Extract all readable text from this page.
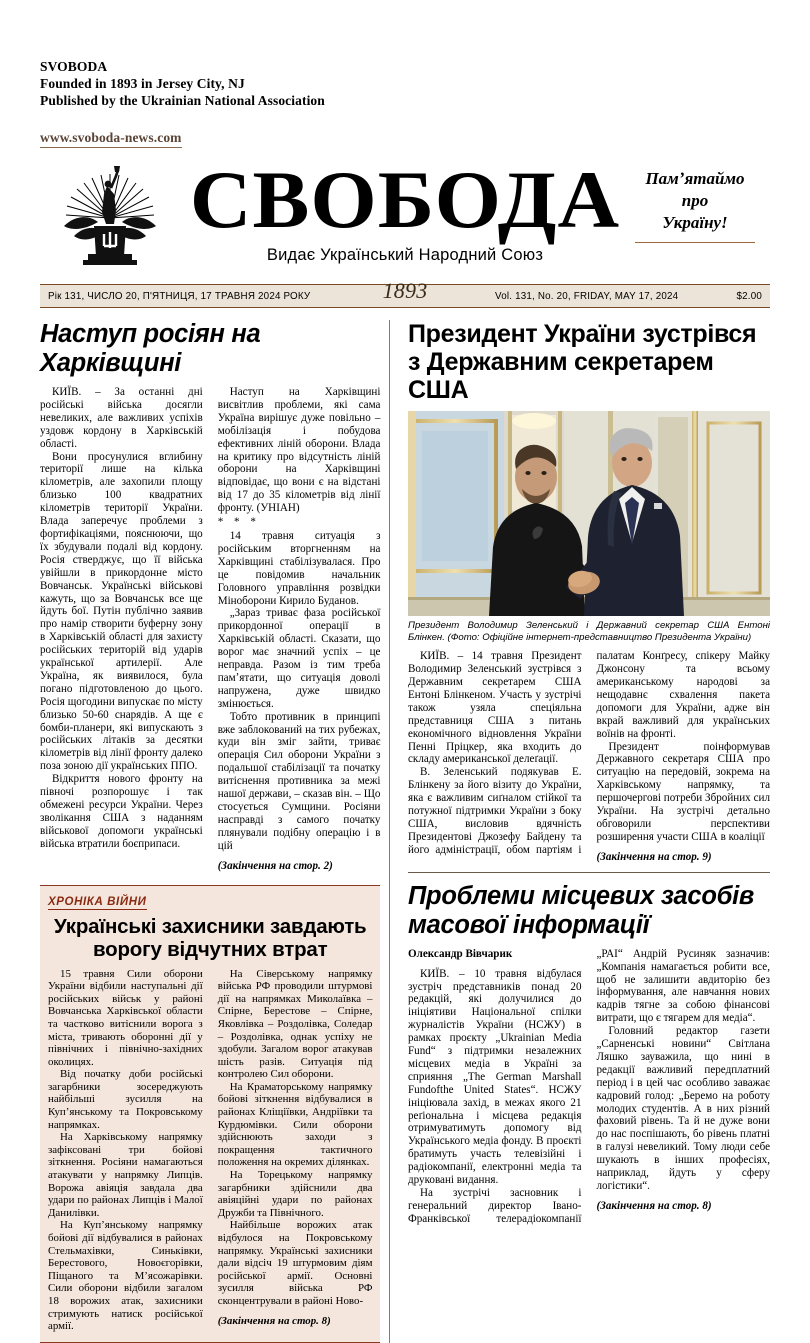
SVOBODA
Founded in 1893 in Jersey City, NJ
Published by the Ukrainian National Association
www.svoboda-news.com
СВОБОДА
Видає Український Народний Союз
Памʼятаймо
про
Україну!
Рік 131, ЧИСЛО 20, П'ЯТНИЦЯ, 17 ТРАВНЯ 2024 РОКУ	1893	Vol. 131, No. 20, FRIDAY, MAY 17, 2024	$2.00
Наступ росіян на Харківщині

КИЇВ. – За останні дні російські війська досягли невеликих, але важливих успіхів уздовж кордону в Харківській області.

Вони просунулися вглибину території лише на кілька кілометрів, але захопили площу близько 100 квадратних кілометрів території України. Влада заперечує проблеми з фортифікаціями, пояснюючи, що їх збудували подалі від кордону. Росія стверджує, що її війська увійшли в прикордонне місто Вовчанськ. Українські військові кажуть, що за Вовчанськ все ще йдуть бої. Путін публічно заявив про намір створити буферну зону в Харківській області для захисту російських територій від ударів української артилерії. Але Україна, як виявилося, була погано підготовленою до цього. Росія щогодини випускає по місту близько 50-60 снарядів. А ще є бомби-планери, які випускають з російських літаків за десятки кілометрів від лінії фронту далеко поза зоною дії українських ППО.

Відкриття нового фронту на півночі розпорошує і так обмежені ресурси України. Через зволікання США з наданням військової допомоги українські війська втратили боєприпаси.

Наступ на Харківщині висвітлив проблеми, які сама Україна вирішує дуже повільно – мобілізація і побудова ефективних ліній оборони. Влада на критику про відсутність ліній оборони на Харківщині відповідає, що вони є на відстані від 17 до 35 кілометрів від лінії фронту. (УНІАН)

* * *

14 травня ситуація з російським вторгненням на Харківщині стабілізувалася. Про це повідомив начальник Головного управління розвідки Міноборони Кирило Буданов.

„Зараз триває фаза російської прикордонної операції в Харківській області. Сказати, що ворог має значний успіх – це неправда. Разом із тим треба памʼятати, що ситуація доволі напружена, дуже швидко змінюється.

Тобто противник в принципі вже заблокований на тих рубежах, куди він зміг зайти, триває операція Сил оборони України з подальшої стабілізації та початку витіснення противника за межі нашої держави, – сказав він. – Що стосується Сумщини. Росіяни насправді з самого початку плянували подібну операцію і в цій

(Закінчення на стор. 2)

ХРОНІКА ВІЙНИ
Українські захисники завдають ворогу відчутних втрат

15 травня Сили оборони України відбили наступальні дії російських військ у районі Вовчанська Харківської области та частково витіснили ворога з міста, тривають оборонні дії у північних і північно-західних околицях.

Від початку доби російські загарбники зосереджують найбільші зусилля на Купʼянському та Покровському напрямках.

На Харківському напрямку зафіксовані три бойові зіткнення. Росіяни намагаються атакувати у напрямку Липців. Ворожа авіяція завдала два удари по районах Липців і Малої Данилівки.

На Купʼянському напрямку бойові дії відбувалися в районах Стельмахівки, Синьківки, Берестового, Новоєгорівки, Піщаного та Мʼясожарівки. Сили оборони відбили загалом 18 ворожих атак, захисники стримують натиск російської армії.

На Сіверському напрямку війська РФ проводили штурмові дії на напрямках Миколаївка – Спірне, Берестове – Спірне, Яковлівка – Роздолівка, Соледар – Роздолівка, однак успіху не здобули. Загалом ворог атакував шість разів. Ситуація під контролею Сил оборони.

На Краматорському напрямку бойові зіткнення відбувалися в районах Кліщіївки, Андріївки та Курдюмівки. Сили оборони здійснюють заходи з покращення тактичного положення на окремих ділянках.

На Торецькому напрямку загарбники здійснили два авіяційні удари по районах Дружби та Північного.

Найбільше ворожих атак відбулося на Покровському напрямку. Українські захисники дали відсіч 19 штурмовим діям російської армії. Основні зусилля війська РФ сконцентрували в районі Ново-

(Закінчення на стор. 8)

Президент України зустрівся
з Державним секретарем США
Президент Володимир Зеленський і Державний секретар США Ентоні Блінкен. (Фото: Офіційне інтернет-представництво Президента України)

КИЇВ. – 14 травня Президент Володимир Зеленський зустрівся з Державним секретарем США Ентоні Блінкеном. Участь у зустрічі також узяла спеціяльна представниця США з питань економічного відновлення України Пенні Пріцкер, яка входить до складу американської делеґації.

В. Зеленський подякував Е. Блінкену за його візиту до України, яка є важливим сиґналом стійкої та потужної підтримки України з боку США, висловив вдячність Президентові Джозефу Байдену та його адміністрації, обом партіям і палатам Конґресу, спікеру Майку Джонсону та всьому американському народові за нещодавнє схвалення пакета допомоги для України, адже він вкрай важливий для українських воїнів на фронті.

Президент поінформував Державного секретаря США про ситуацію на передовій, зокрема на Харківському напрямку, та першочергові потреби Збройних сил України. На зустрічі детально обговорили перспективи розширення участи США в коаліції

(Закінчення на стор. 9)

Проблеми місцевих засобів
масової інформації

Олександр Вівчарик

КИЇВ. – 10 травня відбулася зустріч представників понад 20 редакцій, які долучилися до ініціятиви Національної спілки журналістів України (НСЖУ) в рамках проєкту „Ukrainian Media Fund“ з підтримки незалежних місцевих медіа в Україні за сприяння „The German Marshall Fundofthe United States“. НСЖУ ініціювала захід, в межах якого 21 реґіональна і місцева редакція отримуватимуть допомогу від Українського медіа фонду. В проєкті братимуть участь телевізійні і радіокомпанії, електронні медіа та друковані видання.

На зустрічі засновник і генеральний директор Івано-Франківської телерадіокомпанії „РАІ“ Андрій Русиняк зазначив: „Компанія намагається робити все, щоб не залишити авдиторію без інформування, але навчання нових кадрів тягне за собою фінансові витрати, що є тягарем для медіа“.

Головний редактор газети „Сарненські новини“ Світлана Ляшко зауважила, що нині в редакції важливий передплатний період і в цей час особливо заважає кадровий голод: „Беремо на роботу молодих студентів. А в них різний фаховий рівень. Та й не дуже вони до нас поспішають, бо рівень платні в галузі невеликий. Тому люди себе шукають в інших професіях, наприклад, йдуть у сферу логістики“.

(Закінчення на стор. 8)
